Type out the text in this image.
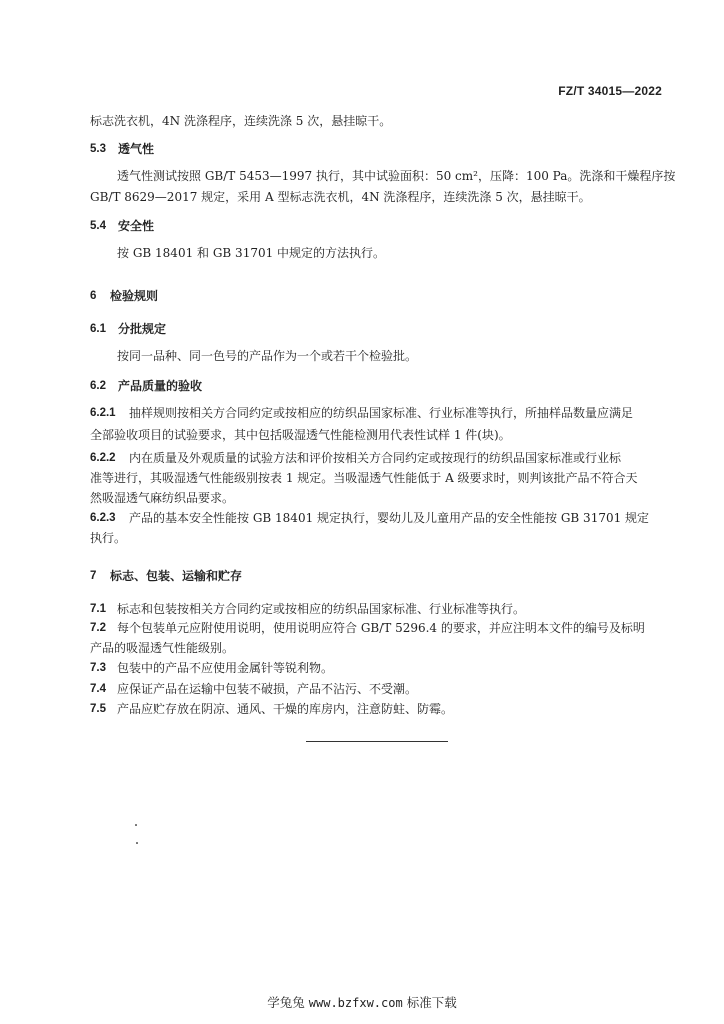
FZ/T 34015—2022
标志洗衣机，4N 洗涤程序，连续洗涤 5 次，悬挂晾干。
5.3 透气性
透气性测试按照 GB/T 5453—1997 执行，其中试验面积：50 cm²，压降：100 Pa。洗涤和干燥程序按
GB/T 8629—2017 规定，采用 A 型标志洗衣机，4N 洗涤程序，连续洗涤 5 次，悬挂晾干。
5.4 安全性
按 GB 18401 和 GB 31701 中规定的方法执行。
6 检验规则
6.1 分批规定
按同一品种、同一色号的产品作为一个或若干个检验批。
6.2 产品质量的验收
6.2.1 抽样规则按相关方合同约定或按相应的纺织品国家标准、行业标准等执行，所抽样品数量应满足
全部验收项目的试验要求，其中包括吸湿透气性能检测用代表性试样 1 件(块)。
6.2.2 内在质量及外观质量的试验方法和评价按相关方合同约定或按现行的纺织品国家标准或行业标
准等进行，其吸湿透气性能级别按表 1 规定。当吸湿透气性能低于 A 级要求时，则判该批产品不符合天
然吸湿透气麻纺织品要求。
6.2.3 产品的基本安全性能按 GB 18401 规定执行，婴幼儿及儿童用产品的安全性能按 GB 31701 规定
执行。
7 标志、包装、运输和贮存
7.1 标志和包装按相关方合同约定或按相应的纺织品国家标准、行业标准等执行。
7.2 每个包装单元应附使用说明，使用说明应符合 GB/T 5296.4 的要求，并应注明本文件的编号及标明
产品的吸湿透气性能级别。
7.3 包装中的产品不应使用金属针等锐利物。
7.4 应保证产品在运输中包装不破损，产品不沾污、不受潮。
7.5 产品应贮存放在阴凉、通风、干燥的库房内，注意防蛀、防霉。
学兔兔 www.bzfxw.com 标准下载
